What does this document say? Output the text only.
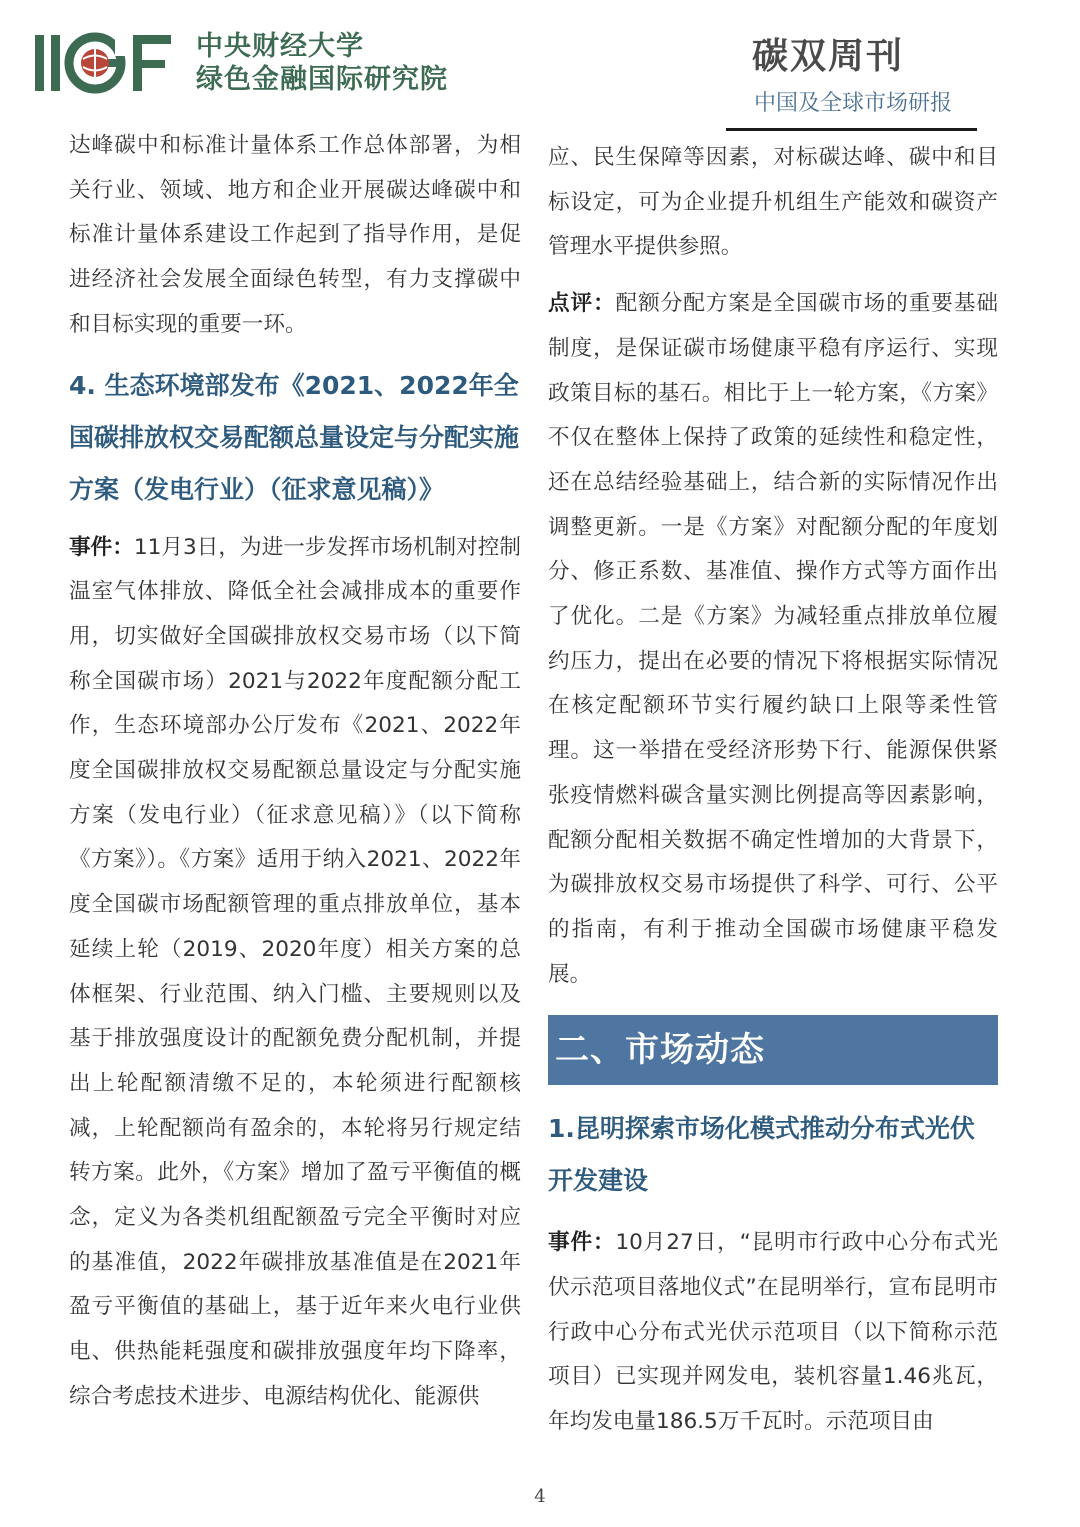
中央财经大学
绿色金融国际研究院
碳双周刊
中国及全球市场研报

达峰碳中和标准计量体系工作总体部署，为相关行业、领域、地方和企业开展碳达峰碳中和标准计量体系建设工作起到了指导作用，是促进经济社会发展全面绿色转型，有力支撑碳中和目标实现的重要一环。

4. 生态环境部发布《2021、2022年全国碳排放权交易配额总量设定与分配实施方案（发电行业）（征求意见稿）》

事件：11月3日，为进一步发挥市场机制对控制温室气体排放、降低全社会减排成本的重要作用，切实做好全国碳排放权交易市场（以下简称全国碳市场）2021与2022年度配额分配工作，生态环境部办公厅发布《2021、2022年度全国碳排放权交易配额总量设定与分配实施方案（发电行业）（征求意见稿）》（以下简称《方案》）。《方案》适用于纳入2021、2022年度全国碳市场配额管理的重点排放单位，基本延续上轮（2019、2020年度）相关方案的总体框架、行业范围、纳入门槛、主要规则以及基于排放强度设计的配额免费分配机制，并提出上轮配额清缴不足的，本轮须进行配额核减，上轮配额尚有盈余的，本轮将另行规定结转方案。此外，《方案》增加了盈亏平衡值的概念，定义为各类机组配额盈亏完全平衡时对应的基准值，2022年碳排放基准值是在2021年盈亏平衡值的基础上，基于近年来火电行业供电、供热能耗强度和碳排放强度年均下降率，综合考虑技术进步、电源结构优化、能源供

应、民生保障等因素，对标碳达峰、碳中和目标设定，可为企业提升机组生产能效和碳资产管理水平提供参照。

点评：配额分配方案是全国碳市场的重要基础制度，是保证碳市场健康平稳有序运行、实现政策目标的基石。相比于上一轮方案，《方案》不仅在整体上保持了政策的延续性和稳定性，还在总结经验基础上，结合新的实际情况作出调整更新。一是《方案》对配额分配的年度划分、修正系数、基准值、操作方式等方面作出了优化。二是《方案》为减轻重点排放单位履约压力，提出在必要的情况下将根据实际情况在核定配额环节实行履约缺口上限等柔性管理。这一举措在受经济形势下行、能源保供紧张疫情燃料碳含量实测比例提高等因素影响，配额分配相关数据不确定性增加的大背景下，为碳排放权交易市场提供了科学、可行、公平的指南，有利于推动全国碳市场健康平稳发展。

二、市场动态
1.昆明探索市场化模式推动分布式光伏开发建设

事件：10月27日，“昆明市行政中心分布式光伏示范项目落地仪式”在昆明举行，宣布昆明市行政中心分布式光伏示范项目（以下简称示范项目）已实现并网发电，装机容量1.46兆瓦，年均发电量186.5万千瓦时。示范项目由

4
